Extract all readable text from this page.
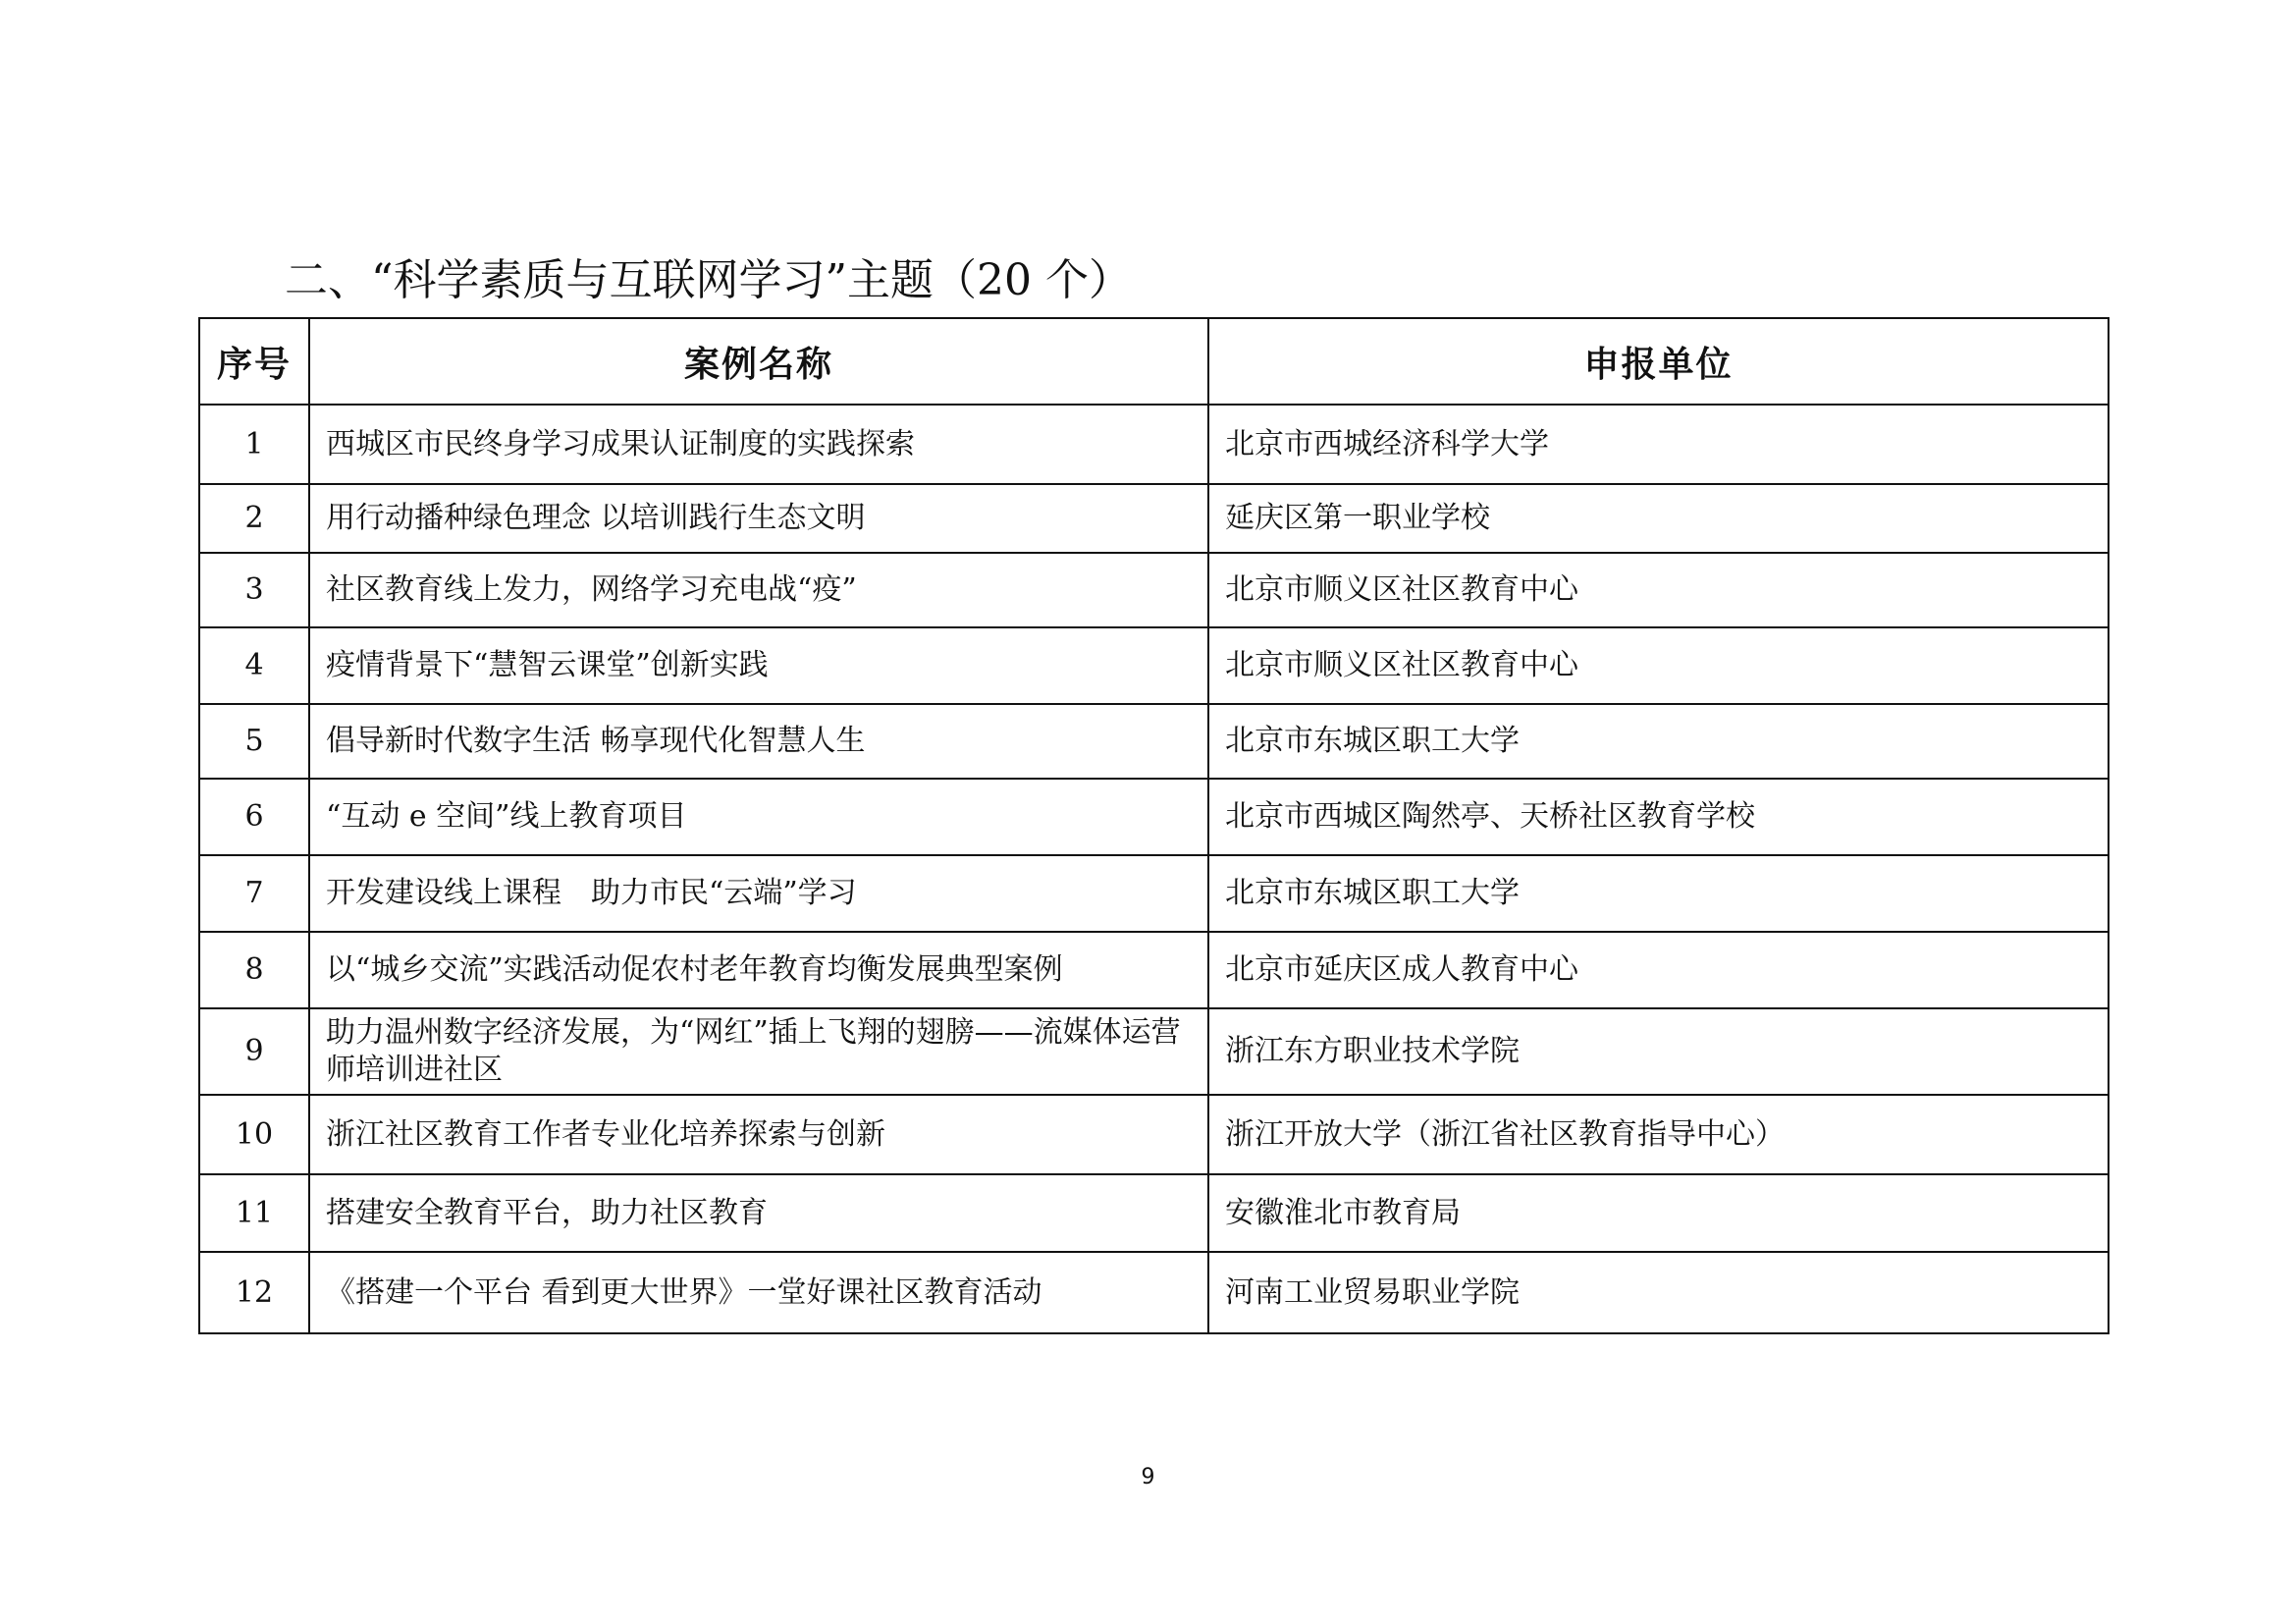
二、“科学素质与互联网学习”主题（20 个）
序号	案例名称	申报单位
1	西城区市民终身学习成果认证制度的实践探索	北京市西城经济科学大学
2	用行动播种绿色理念 以培训践行生态文明	延庆区第一职业学校
3	社区教育线上发力，网络学习充电战“疫”	北京市顺义区社区教育中心
4	疫情背景下“慧智云课堂”创新实践	北京市顺义区社区教育中心
5	倡导新时代数字生活 畅享现代化智慧人生	北京市东城区职工大学
6	“互动 e 空间”线上教育项目	北京市西城区陶然亭、天桥社区教育学校
7	开发建设线上课程　助力市民“云端”学习	北京市东城区职工大学
8	以“城乡交流”实践活动促农村老年教育均衡发展典型案例	北京市延庆区成人教育中心
9	助力温州数字经济发展，为“网红”插上飞翔的翅膀——流媒体运营师培训进社区	浙江东方职业技术学院
10	浙江社区教育工作者专业化培养探索与创新	浙江开放大学（浙江省社区教育指导中心）
11	搭建安全教育平台，助力社区教育	安徽淮北市教育局
12	《搭建一个平台 看到更大世界》一堂好课社区教育活动	河南工业贸易职业学院
9
